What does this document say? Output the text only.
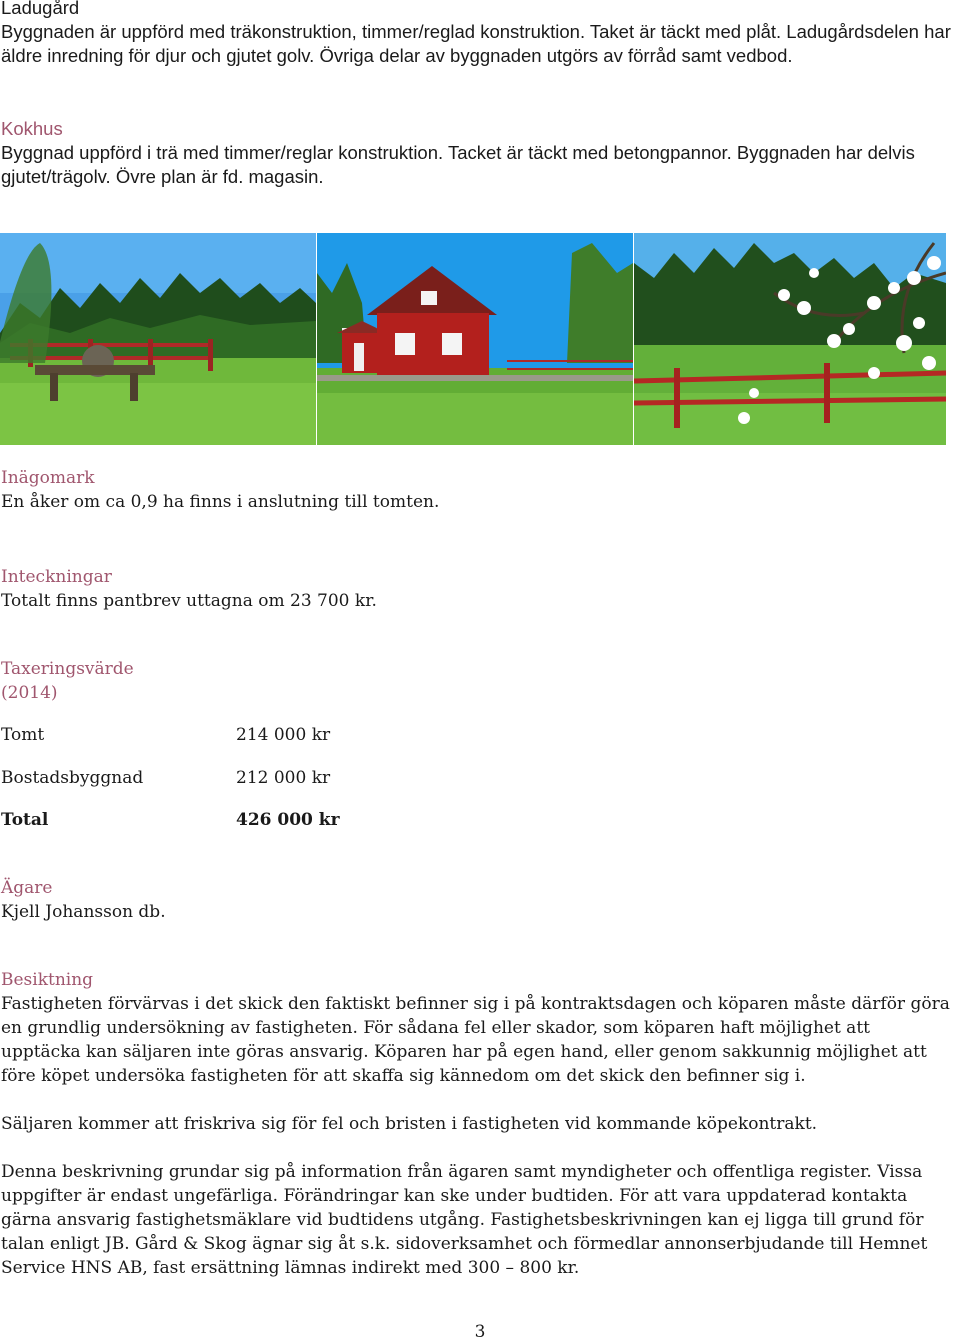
Ladugård
Byggnaden är uppförd med träkonstruktion, timmer/reglad konstruktion. Taket är täckt med plåt. Ladugårdsdelen har äldre inredning för djur och gjutet golv. Övriga delar av byggnaden utgörs av förråd samt vedbod.
Kokhus
Byggnad uppförd i trä med timmer/reglar konstruktion. Tacket är täckt med betongpannor. Byggnaden har delvis gjutet/trägolv. Övre plan är fd. magasin.
Inägomark
En åker om ca 0,9 ha finns i anslutning till tomten.
Inteckningar
Totalt finns pantbrev uttagna om 23 700 kr.
Taxeringsvärde
(2014)
Tomt	214 000 kr
Bostadsbyggnad	212 000 kr
Total	426 000 kr
Ägare
Kjell Johansson db.
Besiktning
Fastigheten förvärvas i det skick den faktiskt befinner sig i på kontraktsdagen och köparen måste därför göra en grundlig undersökning av fastigheten. För sådana fel eller skador, som köparen haft möjlighet att upptäcka kan säljaren inte göras ansvarig. Köparen har på egen hand, eller genom sakkunnig möjlighet att före köpet undersöka fastigheten för att skaffa sig kännedom om det skick den befinner sig i.
Säljaren kommer att friskriva sig för fel och bristen i fastigheten vid kommande köpekontrakt.
Denna beskrivning grundar sig på information från ägaren samt myndigheter och offentliga register. Vissa uppgifter är endast ungefärliga. Förändringar kan ske under budtiden. För att vara uppdaterad kontakta gärna ansvarig fastighetsmäklare vid budtidens utgång. Fastighetsbeskrivningen kan ej ligga till grund för talan enligt JB. Gård & Skog ägnar sig åt s.k. sidoverksamhet och förmedlar annonserbjudande till Hemnet Service HNS AB, fast ersättning lämnas indirekt med 300 – 800 kr.
3
